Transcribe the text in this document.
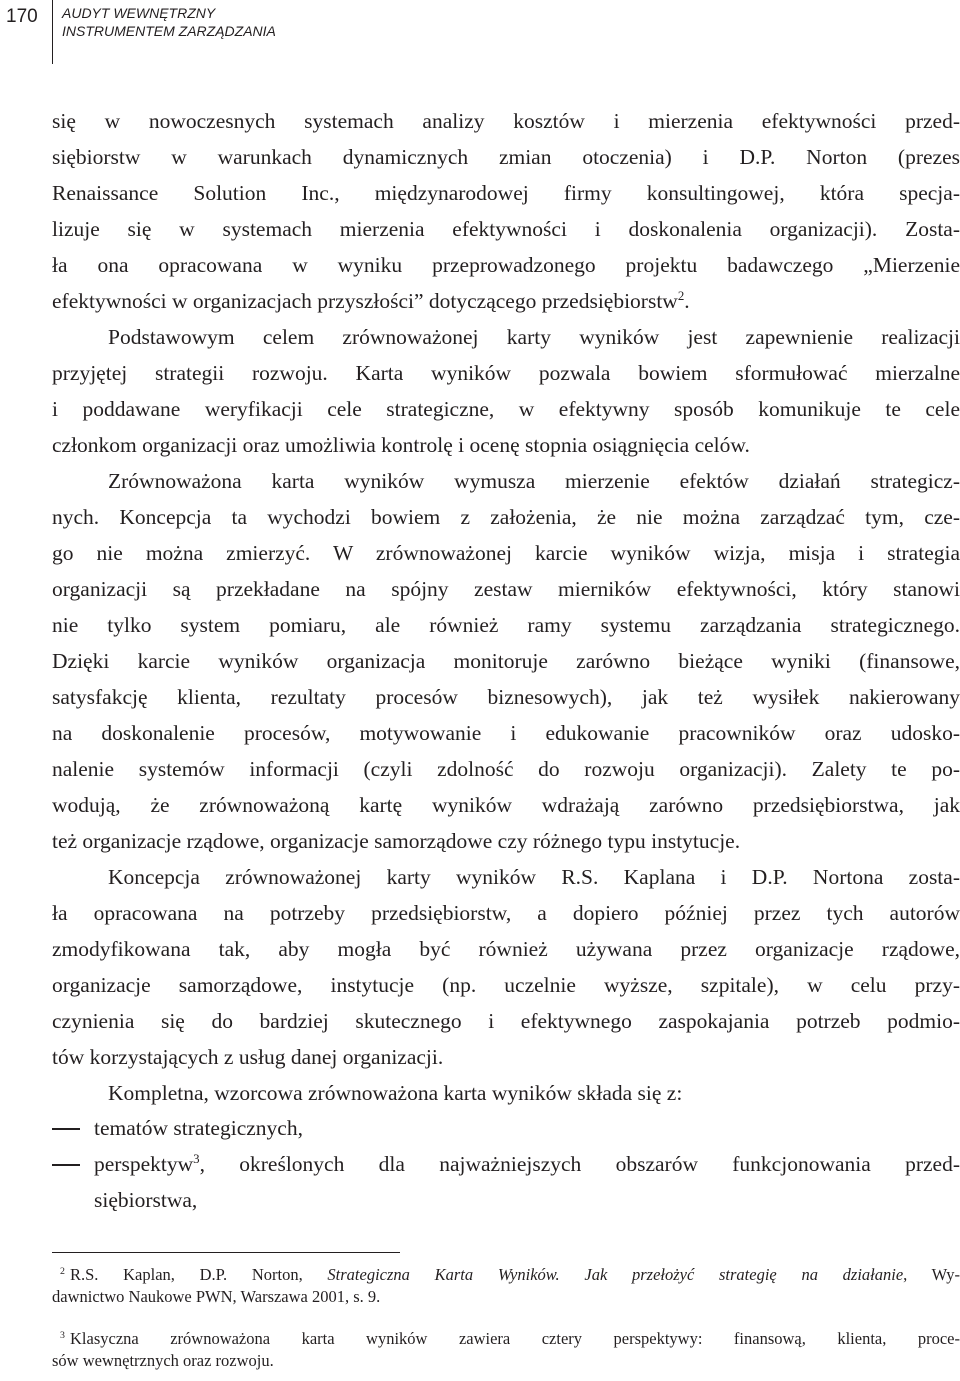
170 AUDYT WEWNĘTRZNY
INSTRUMENTEM ZARZĄDZANIA
się w nowoczesnych systemach analizy kosztów i mierzenia efektywności przed-
siębiorstw w warunkach dynamicznych zmian otoczenia) i D.P. Norton (prezes
Renaissance Solution Inc., międzynarodowej firmy konsultingowej, która specja-
lizuje się w systemach mierzenia efektywności i doskonalenia organizacji). Zosta-
ła ona opracowana w wyniku przeprowadzonego projektu badawczego „Mierzenie
efektywności w organizacjach przyszłości” dotyczącego przedsiębiorstw$^2$.
Podstawowym celem zrównoważonej karty wyników jest zapewnienie realizacji
przyjętej strategii rozwoju. Karta wyników pozwala bowiem sformułować mierzalne
i poddawane weryfikacji cele strategiczne, w efektywny sposób komunikuje te cele
członkom organizacji oraz umożliwia kontrolę i ocenę stopnia osiągnięcia celów.
Zrównoważona karta wyników wymusza mierzenie efektów działań strategicz-
nych. Koncepcja ta wychodzi bowiem z założenia, że nie można zarządzać tym, cze-
go nie można zmierzyć. W zrównoważonej karcie wyników wizja, misja i strategia
organizacji są przekładane na spójny zestaw mierników efektywności, który stanowi
nie tylko system pomiaru, ale również ramy systemu zarządzania strategicznego.
Dzięki karcie wyników organizacja monitoruje zarówno bieżące wyniki (finansowe,
satysfakcję klienta, rezultaty procesów biznesowych), jak też wysiłek nakierowany
na doskonalenie procesów, motywowanie i edukowanie pracowników oraz udosko-
nalenie systemów informacji (czyli zdolność do rozwoju organizacji). Zalety te po-
wodują, że zrównoważoną kartę wyników wdrażają zarówno przedsiębiorstwa, jak
też organizacje rządowe, organizacje samorządowe czy różnego typu instytucje.
Koncepcja zrównoważonej karty wyników R.S. Kaplana i D.P. Nortona zosta-
ła opracowana na potrzeby przedsiębiorstw, a dopiero później przez tych autorów
zmodyfikowana tak, aby mogła być również używana przez organizacje rządowe,
organizacje samorządowe, instytucje (np. uczelnie wyższe, szpitale), w celu przy-
czynienia się do bardziej skutecznego i efektywnego zaspokajania potrzeb podmio-
tów korzystających z usług danej organizacji.
Kompletna, wzorcowa zrównoważona karta wyników składa się z:
tematów strategicznych,
perspektyw$^3$, określonych dla najważniejszych obszarów funkcjonowania przed-
siębiorstwa,
2 R.S. Kaplan, D.P. Norton, Strategiczna Karta Wyników. Jak przełożyć strategię na działanie, Wy-
dawnictwo Naukowe PWN, Warszawa 2001, s. 9.
3 Klasyczna zrównoważona karta wyników zawiera cztery perspektywy: finansową, klienta, proce-
sów wewnętrznych oraz rozwoju.
